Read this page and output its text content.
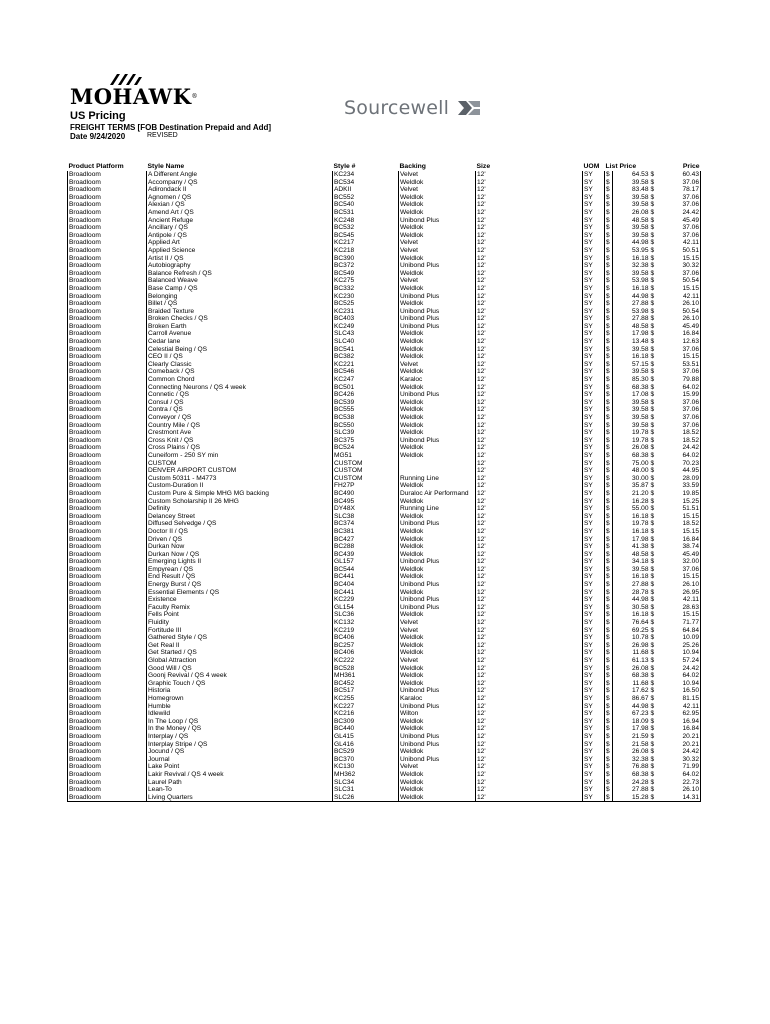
MOHAWK®
Sourcewell
US Pricing
FREIGHT TERMS [FOB Destination Prepaid and Add]
Date 9/24/2020	REVISED
Product Platform	Style Name	Style #	Backing	Size	UOM	List Price		Price	
Broadloom	A Different Angle	KC234	Velvet	12'	SY	$	64.53	$	60.43
Broadloom	Accompany / QS	BC534	Weldlok	12'	SY	$	39.58	$	37.06
Broadloom	Adirondack II	ADKII	Velvet	12'	SY	$	83.48	$	78.17
Broadloom	Agnomen / QS	BC552	Weldlok	12'	SY	$	39.58	$	37.06
Broadloom	Alexian / QS	BC540	Weldlok	12'	SY	$	39.58	$	37.06
Broadloom	Amend Art / QS	BC531	Weldlok	12'	SY	$	26.08	$	24.42
Broadloom	Ancient Refuge	KC248	Unibond Plus	12'	SY	$	48.58	$	45.49
Broadloom	Ancillary / QS	BC532	Weldlok	12'	SY	$	39.58	$	37.06
Broadloom	Antipole / QS	BC545	Weldlok	12'	SY	$	39.58	$	37.06
Broadloom	Applied Art	KC217	Velvet	12'	SY	$	44.98	$	42.11
Broadloom	Applied Science	KC218	Velvet	12'	SY	$	53.95	$	50.51
Broadloom	Artist II / QS	BC390	Weldlok	12'	SY	$	16.18	$	15.15
Broadloom	Autobiography	BC372	Unibond Plus	12'	SY	$	32.38	$	30.32
Broadloom	Balance Refresh / QS	BC549	Weldlok	12'	SY	$	39.58	$	37.06
Broadloom	Balanced Weave	KC275	Velvet	12'	SY	$	53.98	$	50.54
Broadloom	Base Camp / QS	BC332	Weldlok	12'	SY	$	16.18	$	15.15
Broadloom	Belonging	KC230	Unibond Plus	12'	SY	$	44.98	$	42.11
Broadloom	Billet / QS	BC525	Weldlok	12'	SY	$	27.88	$	26.10
Broadloom	Braided Texture	KC231	Unibond Plus	12'	SY	$	53.98	$	50.54
Broadloom	Broken Checks / QS	BC403	Unibond Plus	12'	SY	$	27.88	$	26.10
Broadloom	Broken Earth	KC249	Unibond Plus	12'	SY	$	48.58	$	45.49
Broadloom	Carroll Avenue	SLC43	Weldlok	12'	SY	$	17.98	$	16.84
Broadloom	Cedar lane	SLC40	Weldlok	12'	SY	$	13.48	$	12.63
Broadloom	Celestial Being / QS	BC541	Weldlok	12'	SY	$	39.58	$	37.06
Broadloom	CEO II / QS	BC382	Weldlok	12'	SY	$	16.18	$	15.15
Broadloom	Clearly Classic	KC221	Velvet	12'	SY	$	57.15	$	53.51
Broadloom	Comeback / QS	BC546	Weldlok	12'	SY	$	39.58	$	37.06
Broadloom	Common Chord	KC247	Karaloc	12'	SY	$	85.30	$	79.88
Broadloom	Connecting Neurons / QS 4 week	BC501	Weldlok	12'	SY	$	68.38	$	64.02
Broadloom	Connetic / QS	BC426	Unibond Plus	12'	SY	$	17.08	$	15.99
Broadloom	Consul / QS	BC539	Weldlok	12'	SY	$	39.58	$	37.06
Broadloom	Contra / QS	BC555	Weldlok	12'	SY	$	39.58	$	37.06
Broadloom	Conveyor / QS	BC538	Weldlok	12'	SY	$	39.58	$	37.06
Broadloom	Country Mile / QS	BC550	Weldlok	12'	SY	$	39.58	$	37.06
Broadloom	Crestmont Ave	SLC39	Weldlok	12'	SY	$	19.78	$	18.52
Broadloom	Cross Knit / QS	BC375	Unibond Plus	12'	SY	$	19.78	$	18.52
Broadloom	Cross Plains / QS	BC524	Weldlok	12'	SY	$	26.08	$	24.42
Broadloom	Cuneiform - 250 SY min	MG51	Weldlok	12'	SY	$	68.38	$	64.02
Broadloom	CUSTOM	CUSTOM		12'	SY	$	75.00	$	70.23
Broadloom	DENVER AIRPORT CUSTOM	CUSTOM		12'	SY	$	48.00	$	44.95
Broadloom	Custom 50311 - M4773	CUSTOM	Running Line	12'	SY	$	30.00	$	28.09
Broadloom	Custom-Duration II	FH27P	Weldlok	12'	SY	$	35.87	$	33.59
Broadloom	Custom Pure & Simple MHG MG backing	BC490	Duraloc Air Performand	12'	SY	$	21.20	$	19.85
Broadloom	Custom Scholarship II 26 MHG	BC495	Weldlok	12'	SY	$	16.28	$	15.25
Broadloom	Definity	DY48X	Running Line	12'	SY	$	55.00	$	51.51
Broadloom	Delancey Street	SLC38	Weldlok	12'	SY	$	16.18	$	15.15
Broadloom	Diffused Selvedge / QS	BC374	Unibond Plus	12'	SY	$	19.78	$	18.52
Broadloom	Doctor II / QS	BC381	Weldlok	12'	SY	$	16.18	$	15.15
Broadloom	Driven / QS	BC427	Weldlok	12'	SY	$	17.98	$	16.84
Broadloom	Durkan Now	BC288	Weldlok	12'	SY	$	41.38	$	38.74
Broadloom	Durkan Now / QS	BC439	Weldlok	12'	SY	$	48.58	$	45.49
Broadloom	Emerging Lights II	GL157	Unibond Plus	12'	SY	$	34.18	$	32.00
Broadloom	Empyrean / QS	BC544	Weldlok	12'	SY	$	39.58	$	37.06
Broadloom	End Result / QS	BC441	Weldlok	12'	SY	$	16.18	$	15.15
Broadloom	Energy Burst / QS	BC404	Unibond Plus	12'	SY	$	27.88	$	26.10
Broadloom	Essential Elements / QS	BC441	Weldlok	12'	SY	$	28.78	$	26.95
Broadloom	Existence	KC229	Unibond Plus	12'	SY	$	44.98	$	42.11
Broadloom	Faculty Remix	GL154	Unibond Plus	12'	SY	$	30.58	$	28.63
Broadloom	Fells Point	SLC36	Weldlok	12'	SY	$	16.18	$	15.15
Broadloom	Fluidity	KC132	Velvet	12'	SY	$	76.64	$	71.77
Broadloom	Fortitude III	KC219	Velvet	12'	SY	$	69.25	$	64.84
Broadloom	Gathered Style / QS	BC406	Weldlok	12'	SY	$	10.78	$	10.09
Broadloom	Get Real II	BC257	Weldlok	12'	SY	$	26.98	$	25.26
Broadloom	Get Started / QS	BC406	Weldlok	12'	SY	$	11.68	$	10.94
Broadloom	Global Attraction	KC222	Velvet	12'	SY	$	61.13	$	57.24
Broadloom	Good Will / QS	BC528	Weldlok	12'	SY	$	26.08	$	24.42
Broadloom	Goonj Revival / QS 4 week	MH361	Weldlok	12'	SY	$	68.38	$	64.02
Broadloom	Graphic Touch / QS	BC452	Weldlok	12'	SY	$	11.68	$	10.94
Broadloom	Historia	BC517	Unibond Plus	12'	SY	$	17.62	$	16.50
Broadloom	Homegrown	KC255	Karaloc	12'	SY	$	86.67	$	81.15
Broadloom	Humble	KC227	Unibond Plus	12'	SY	$	44.98	$	42.11
Broadloom	Idlewild	KC216	Wilton	12'	SY	$	67.23	$	62.95
Broadloom	In The Loop / QS	BC309	Weldlok	12'	SY	$	18.09	$	16.94
Broadloom	In the Money / QS	BC440	Weldlok	12'	SY	$	17.98	$	16.84
Broadloom	Interplay / QS	GL415	Unibond Plus	12'	SY	$	21.59	$	20.21
Broadloom	Interplay Stripe / QS	GL416	Unibond Plus	12'	SY	$	21.58	$	20.21
Broadloom	Jocund / QS	BC529	Weldlok	12'	SY	$	26.08	$	24.42
Broadloom	Journal	BC370	Unibond Plus	12'	SY	$	32.38	$	30.32
Broadloom	Lake Point	KC130	Velvet	12'	SY	$	76.88	$	71.99
Broadloom	Lakir Revival / QS 4 week	MH362	Weldlok	12'	SY	$	68.38	$	64.02
Broadloom	Laurel Path	SLC34	Weldlok	12'	SY	$	24.28	$	22.73
Broadloom	Lean-To	SLC31	Weldlok	12'	SY	$	27.88	$	26.10
Broadloom	Living Quarters	SLC26	Weldlok	12'	SY	$	15.28	$	14.31
